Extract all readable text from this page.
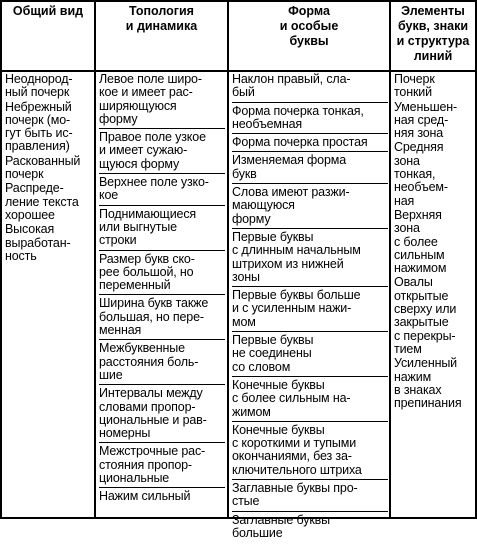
Общий вид	Топология
и динамика
Форма
и особые
буквы
Элементы
букв, знаки
и структура
линий
Неоднород-
ный почерк
Небрежный
почерк (мо-
гут быть ис-
правления)
Раскованный
почерк
Распреде-
ление текста
хорошее
Высокая
выработан-
ность
Левое поле широ-
кое и имеет рас-
ширяющуюся
форму
Правое поле узкое
и имеет сужаю-
щуюся форму
Верхнее поле узко-
кое
Поднимающиеся
или выгнутые
строки
Размер букв ско-
рее большой, но
переменный
Ширина букв также
большая, но пере-
менная
Межбуквенные
расстояния боль-
шие
Интервалы между
словами пропор-
циональные и рав-
номерны
Межстрочные рас-
стояния пропор-
циональные
Нажим сильный
Наклон правый, сла-
бый
Форма почерка тонкая,
необъемная
Форма почерка простая
Изменяемая форма
букв
Слова имеют разжи-
мающуюся
форму
Первые буквы
с длинным начальным
штрихом из нижней
зоны
Первые буквы больше
и с усиленным нажи-
мом
Первые буквы
не соединены
со словом
Конечные буквы
с более сильным на-
жимом
Конечные буквы
с короткими и тупыми
окончаниями, без за-
ключительного штриха
Заглавные буквы про-
стые
Заглавные буквы
большие
Почерк
тонкий
Уменьшен-
ная сред-
няя зона
Средняя
зона
тонкая,
необъем-
ная
Верхняя
зона
с более
сильным
нажимом
Овалы
открытые
сверху или
закрытые
с перекры-
тием
Усиленный
нажим
в знаках
препинания
